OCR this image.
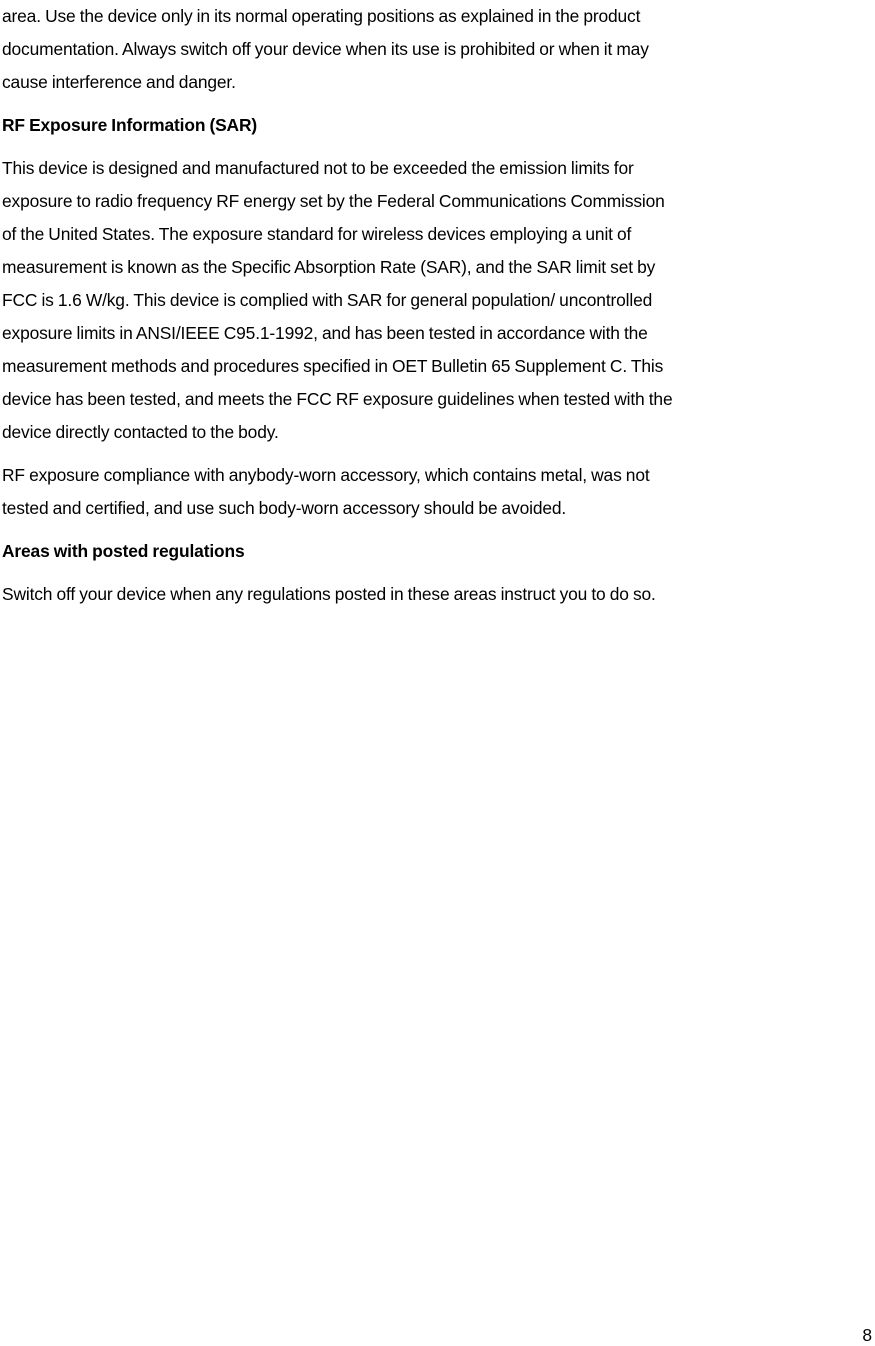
area. Use the device only in its normal operating positions as explained in the product
documentation. Always switch off your device when its use is prohibited or when it may
cause interference and danger.

RF Exposure Information (SAR)

This device is designed and manufactured not to be exceeded the emission limits for
exposure to radio frequency RF energy set by the Federal Communications Commission
of the United States. The exposure standard for wireless devices employing a unit of
measurement is known as the Specific Absorption Rate (SAR), and the SAR limit set by
FCC is 1.6 W/kg. This device is complied with SAR for general population/ uncontrolled
exposure limits in ANSI/IEEE C95.1-1992, and has been tested in accordance with the
measurement methods and procedures specified in OET Bulletin 65 Supplement C. This
device has been tested, and meets the FCC RF exposure guidelines when tested with the
device directly contacted to the body.

RF exposure compliance with anybody-worn accessory, which contains metal, was not
tested and certified, and use such body-worn accessory should be avoided.

Areas with posted regulations

Switch off your device when any regulations posted in these areas instruct you to do so.

8
